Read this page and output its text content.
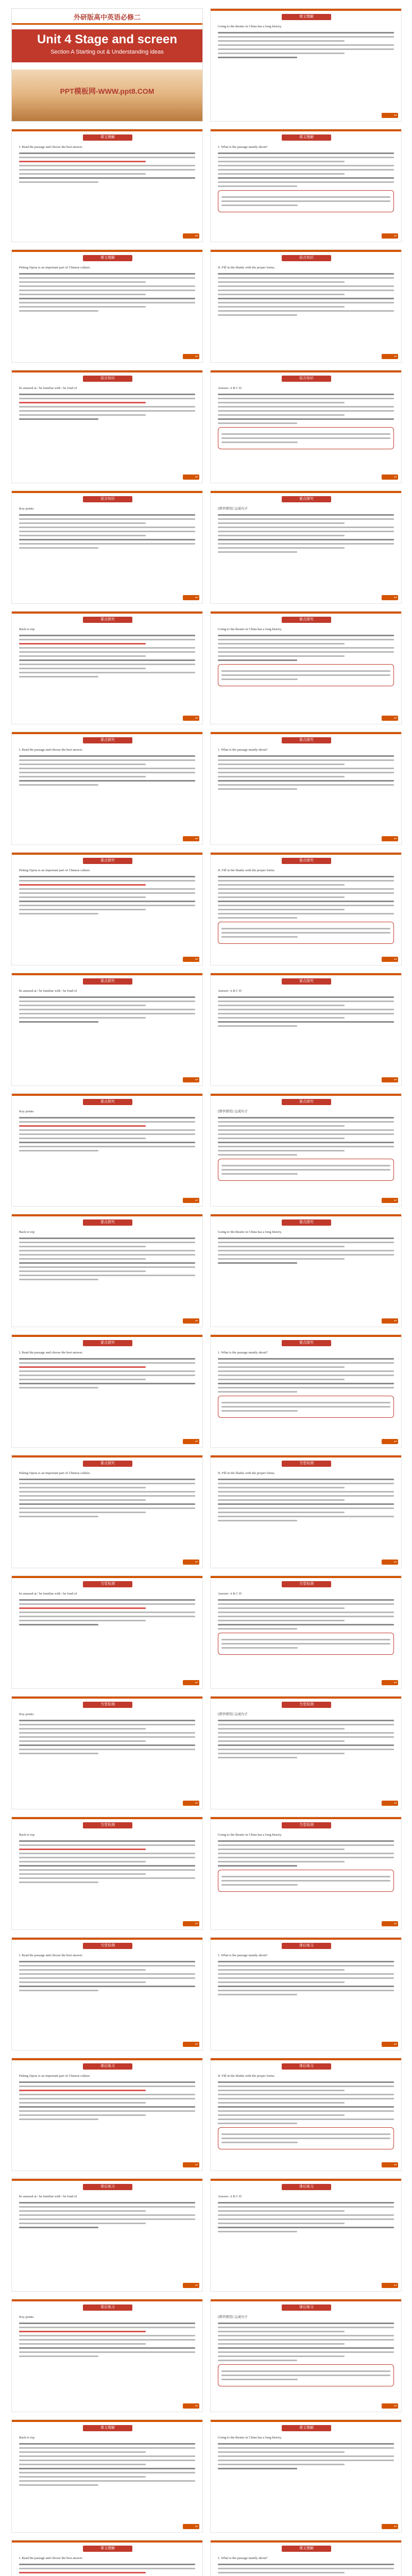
外研版高中英语必修二
Unit 4 Stage and screen
Section A Starting out & Understanding ideas
PPT模板网-WWW.ppt8.COM
课文理解
Going to the theatre in China has a long history.
↩
课文理解
I. Read the passage and choose the best answer.
↩
课文理解
1. What is the passage mainly about?
↩
课文理解
Peking Opera is an important part of Chinese culture.
↩
语言知识
II. Fill in the blanks with the proper forms.
↩
语言知识
be amazed at / be familiar with / be fond of
↩
语言知识
Answer: A B C D
↩
语言知识
Key points
↩
要点探究
[即学即用] 完成句子
↩
要点探究
Back to top
↩
要点探究
Going to the theatre in China has a long history.
↩
要点探究
I. Read the passage and choose the best answer.
↩
要点探究
1. What is the passage mainly about?
↩
要点探究
Peking Opera is an important part of Chinese culture.
↩
要点探究
II. Fill in the blanks with the proper forms.
↩
要点探究
be amazed at / be familiar with / be fond of
↩
要点探究
Answer: A B C D
↩
要点探究
Key points
↩
要点探究
[即学即用] 完成句子
↩
要点探究
Back to top
↩
要点探究
Going to the theatre in China has a long history.
↩
要点探究
I. Read the passage and choose the best answer.
↩
要点探究
1. What is the passage mainly about?
↩
要点探究
Peking Opera is an important part of Chinese culture.
↩
当堂检测
II. Fill in the blanks with the proper forms.
↩
当堂检测
be amazed at / be familiar with / be fond of
↩
当堂检测
Answer: A B C D
↩
当堂检测
Key points
↩
当堂检测
[即学即用] 完成句子
↩
当堂检测
Back to top
↩
当堂检测
Going to the theatre in China has a long history.
↩
当堂检测
I. Read the passage and choose the best answer.
↩
课后练习
1. What is the passage mainly about?
↩
课后练习
Peking Opera is an important part of Chinese culture.
↩
课后练习
II. Fill in the blanks with the proper forms.
↩
课后练习
be amazed at / be familiar with / be fond of
↩
课后练习
Answer: A B C D
↩
课后练习
Key points
↩
课后练习
[即学即用] 完成句子
↩
课文理解
Back to top
↩
课文理解
Going to the theatre in China has a long history.
↩
课文理解
I. Read the passage and choose the best answer.
课文理解
1. What is the passage mainly about?
